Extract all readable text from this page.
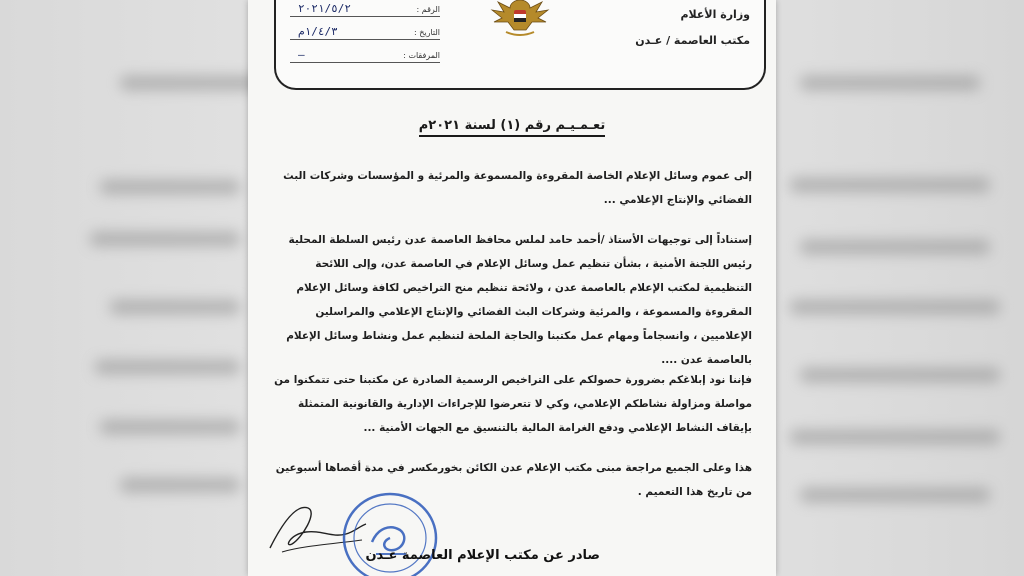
وزارة الأعلام
مكتب العاصمة / عـدن
الرقم :
٢٠٢١/٥/٢
التاريخ :
١/٤/٣م
المرفقات :
—
تعـمـيـم رقم (١) لسنة ٢٠٢١م
إلى عموم وسائل الإعلام الخاصة المقروءة والمسموعة والمرئية و المؤسسات وشركات البث الفضائي والإنتاج الإعلامي ...
إستناداً إلى توجيهات الأستاذ /أحمد حامد لملس محافظ العاصمة عدن رئيس السلطة المحلية رئيس اللجنة الأمنية ، بشأن تنظيم عمل وسائل الإعلام في العاصمة عدن، وإلى اللائحة التنظيمية لمكتب الإعلام بالعاصمة عدن ، ولائحة تنظيم منح التراخيص لكافة وسائل الإعلام المقروءة والمسموعة ، والمرئية وشركات البث الفضائي والإنتاج الإعلامي والمراسلين الإعلاميين ، وانسجاماً ومهام عمل مكتبنا والحاجة الملحة لتنظيم عمل ونشاط وسائل الإعلام بالعاصمة عدن ....
فإننا نود إبلاغكم بضرورة حصولكم على التراخيص الرسمية الصادرة عن مكتبنا حتى تتمكنوا من مواصلة ومزاولة نشاطكم الإعلامي، وكي لا تتعرضوا للإجراءات الإدارية والقانونية المتمثلة بإيقاف النشاط الإعلامي ودفع الغرامة المالية بالتنسيق مع الجهات الأمنية ...
هذا وعلى الجميع مراجعة مبنى مكتب الإعلام عدن الكائن بخورمكسر في مدة أقصاها أسبوعين من تاريخ هذا التعميم .
صادر عن مكتب الإعلام العاصمة عـدن
